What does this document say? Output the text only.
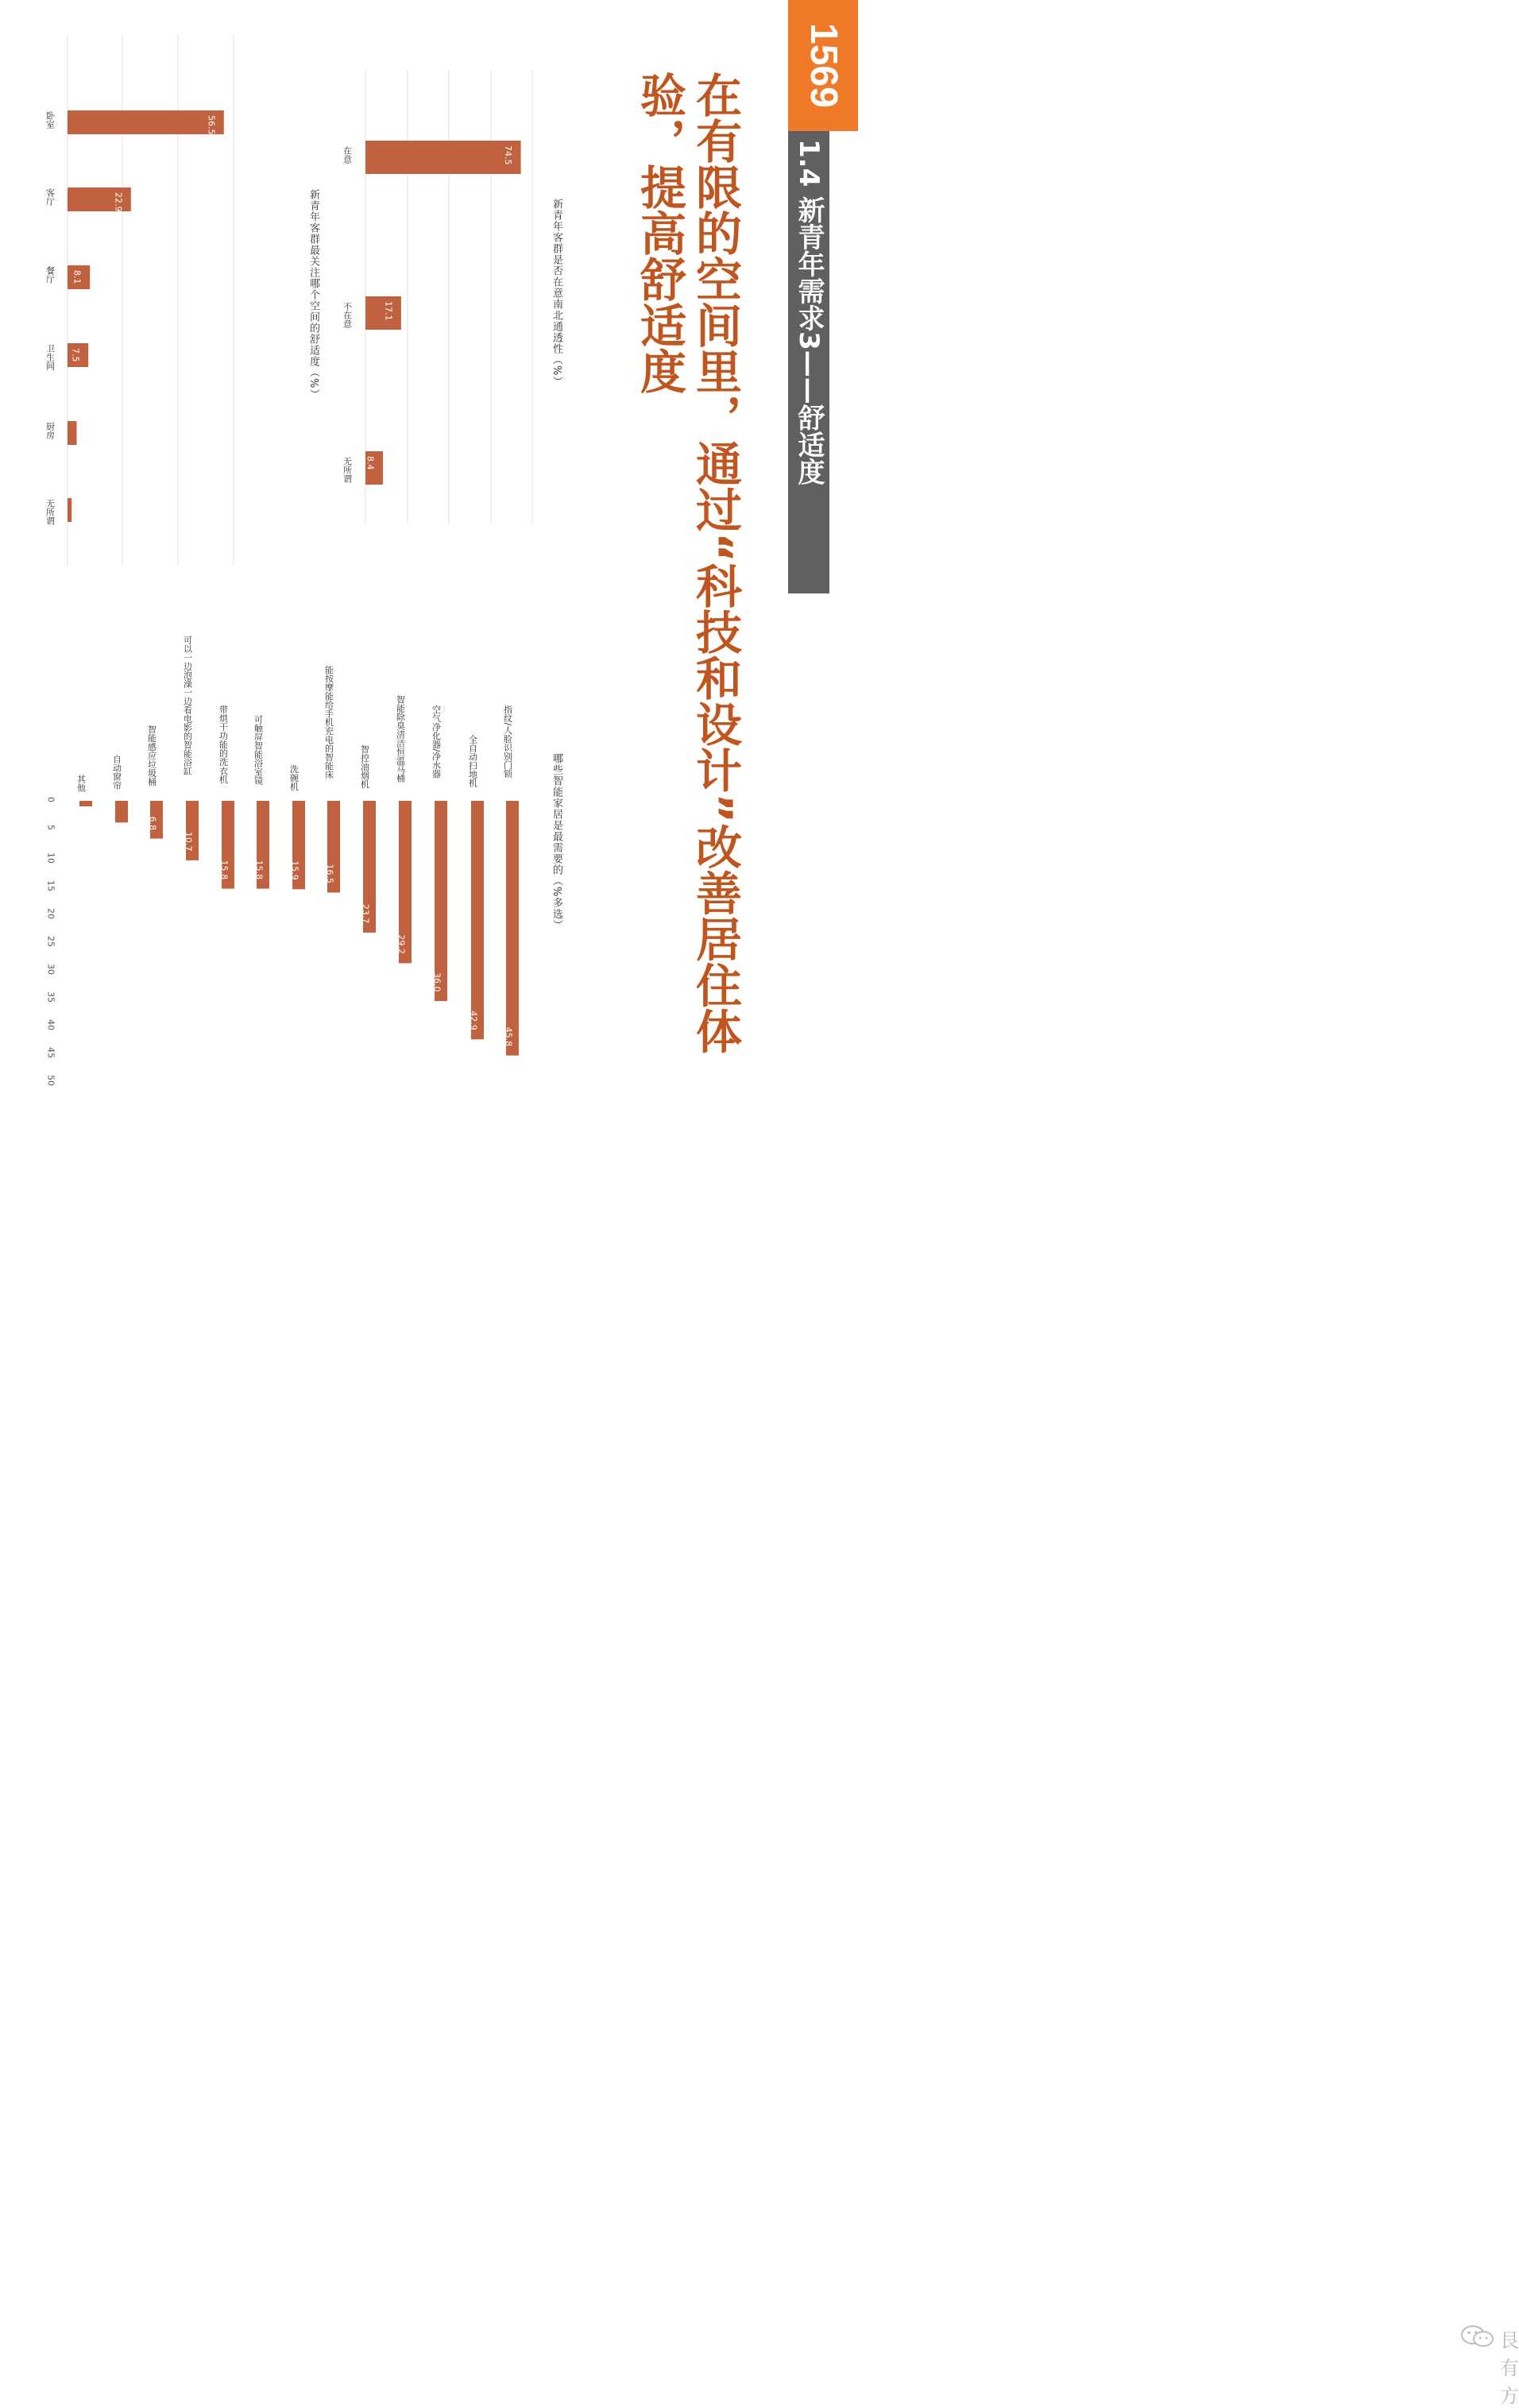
1569
1.4 新青年需求3——舒适度
在有限的空间里，通过“科技和设计”改善居住体验，提高舒适度
新青年客群是否在意南北通透性（%）
新青年客群最关注哪个空间的舒适度（%）
哪些智能家居是最需要的（%多选）
艮有方
74.5
在意
17.1
不在意
8.4
无所谓
56.5
卧室
22.9
客厅
8.1
餐厅
7.5
卫生间
厨房
无所谓
0
5
10
15
20
25
30
35
40
45
50
45.8
指纹/人脸识别门锁
42.9
全自动扫地机
36.0
空气净化器/净水器
29.2
智能除臭清洁恒温马桶
23.7
智控油烟机
16.5
能按摩能给手机充电的智能床
15.9
洗碗机
15.8
可触屏智能浴室镜
15.8
带烘干功能的洗衣机
10.7
可以一边泡澡一边看电影的智能浴缸
6.8
智能感应垃圾桶
自动窗帘
其他
